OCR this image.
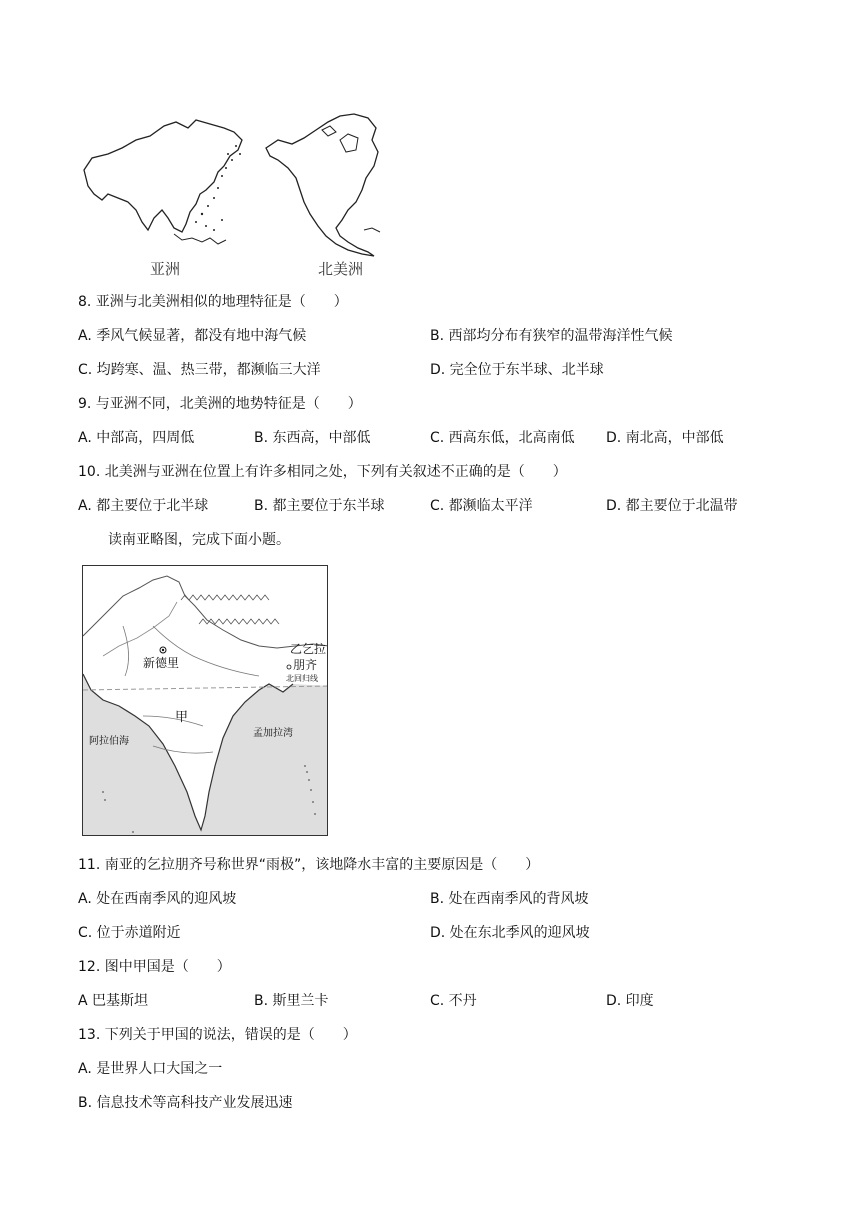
亚洲	北美洲
8. 亚洲与北美洲相似的地理特征是（　　）
A. 季风气候显著，都没有地中海气候	B. 西部均分布有狭窄的温带海洋性气候
C. 均跨寒、温、热三带，都濒临三大洋	D. 完全位于东半球、北半球
9. 与亚洲不同，北美洲的地势特征是（　　）
A. 中部高，四周低	B. 东西高，中部低	C. 西高东低，北高南低 D. 南北高，中部低
10. 北美洲与亚洲在位置上有许多相同之处，下列有关叙述不正确的是（　　）
A. 都主要位于北半球	B. 都主要位于东半球	C. 都濒临太平洋	D. 都主要位于北温带
读南亚略图，完成下面小题。
新德里
乙 乞拉
朋齐
北回归线
甲
阿拉伯海
孟加拉湾
11. 南亚的乞拉朋齐号称世界“雨极”，该地降水丰富的主要原因是（　　）
A. 处在西南季风的迎风坡	B. 处在西南季风的背风坡
C. 位于赤道附近	D. 处在东北季风的迎风坡
12. 图中甲国是（　　）
A 巴基斯坦	B. 斯里兰卡	C. 不丹	D. 印度
13. 下列关于甲国的说法，错误的是（　　）
A. 是世界人口大国之一
B. 信息技术等高科技产业发展迅速
